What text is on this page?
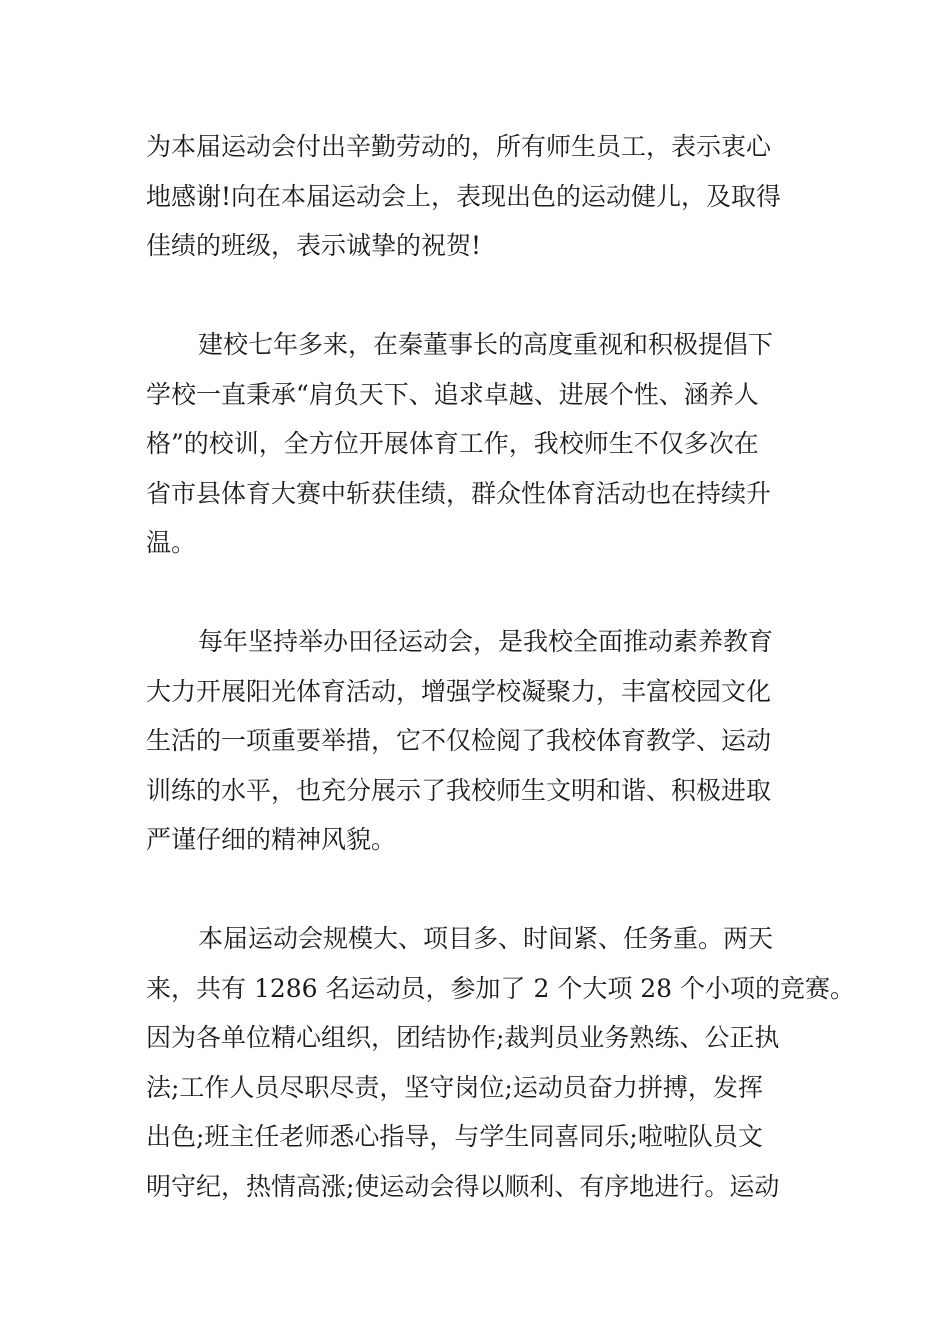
为本届运动会付出辛勤劳动的，所有师生员工，表示衷心
地感谢!向在本届运动会上，表现出色的运动健儿，及取得
佳绩的班级，表示诚挚的祝贺!

建校七年多来，在秦董事长的高度重视和积极提倡下
学校一直秉承“肩负天下、追求卓越、进展个性、涵养人
格”的校训，全方位开展体育工作，我校师生不仅多次在
省市县体育大赛中斩获佳绩，群众性体育活动也在持续升
温。

每年坚持举办田径运动会，是我校全面推动素养教育
大力开展阳光体育活动，增强学校凝聚力，丰富校园文化
生活的一项重要举措，它不仅检阅了我校体育教学、运动
训练的水平，也充分展示了我校师生文明和谐、积极进取
严谨仔细的精神风貌。

本届运动会规模大、项目多、时间紧、任务重。两天
来，共有 1286 名运动员，参加了 2 个大项 28 个小项的竞赛。
因为各单位精心组织，团结协作;裁判员业务熟练、公正执
法;工作人员尽职尽责，坚守岗位;运动员奋力拼搏，发挥
出色;班主任老师悉心指导，与学生同喜同乐;啦啦队员文
明守纪，热情高涨;使运动会得以顺利、有序地进行。运动
